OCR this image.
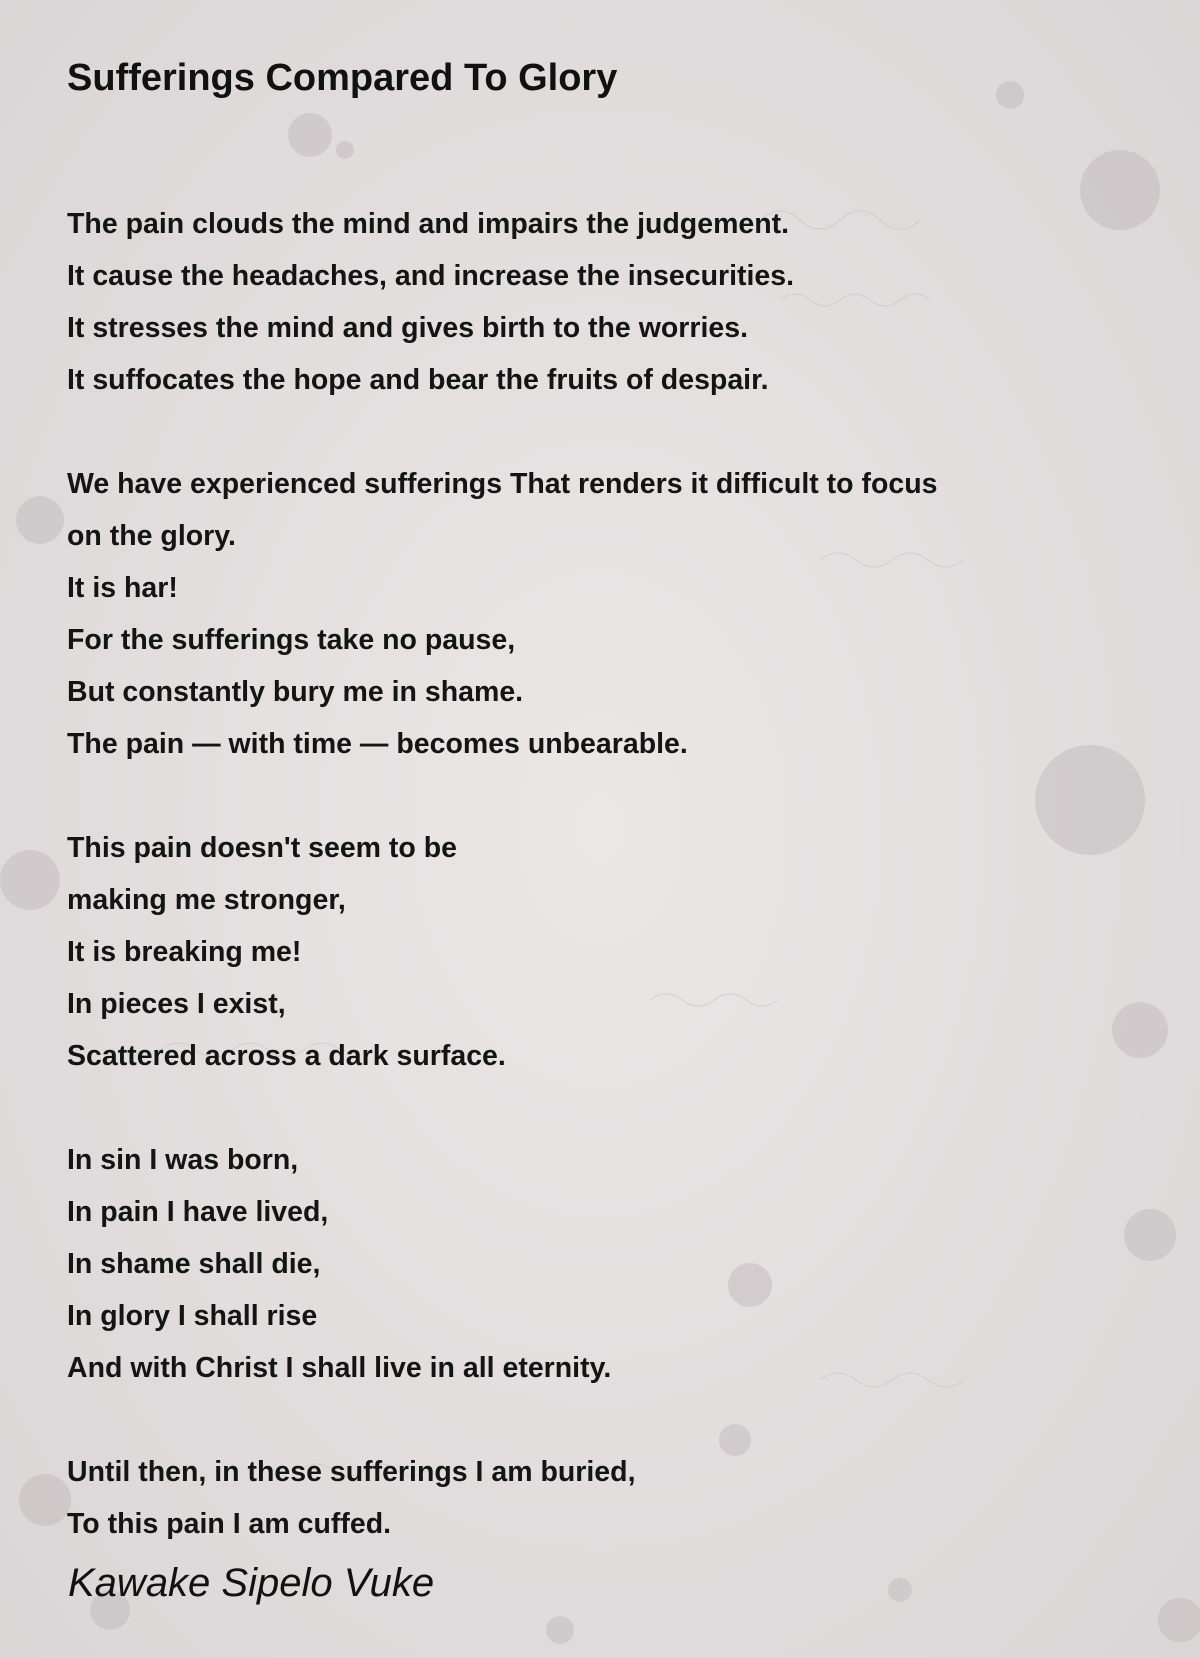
Sufferings Compared To Glory
The pain clouds the mind and impairs the judgement.
It cause the headaches, and increase the insecurities.
It stresses the mind and gives birth to the worries.
It suffocates the hope and bear the fruits of despair.
We have experienced sufferings That renders it difficult to focus
on the glory.
It is har!
For the sufferings take no pause,
But constantly bury me in shame.
The pain — with time — becomes unbearable.
This pain doesn't seem to be
making me stronger,
It is breaking me!
In pieces I exist,
Scattered across a dark surface.
In sin I was born,
In pain I have lived,
In shame shall die,
In glory I shall rise
And with Christ I shall live in all eternity.
Until then, in these sufferings I am buried,
To this pain I am cuffed.
Kawake Sipelo Vuke
